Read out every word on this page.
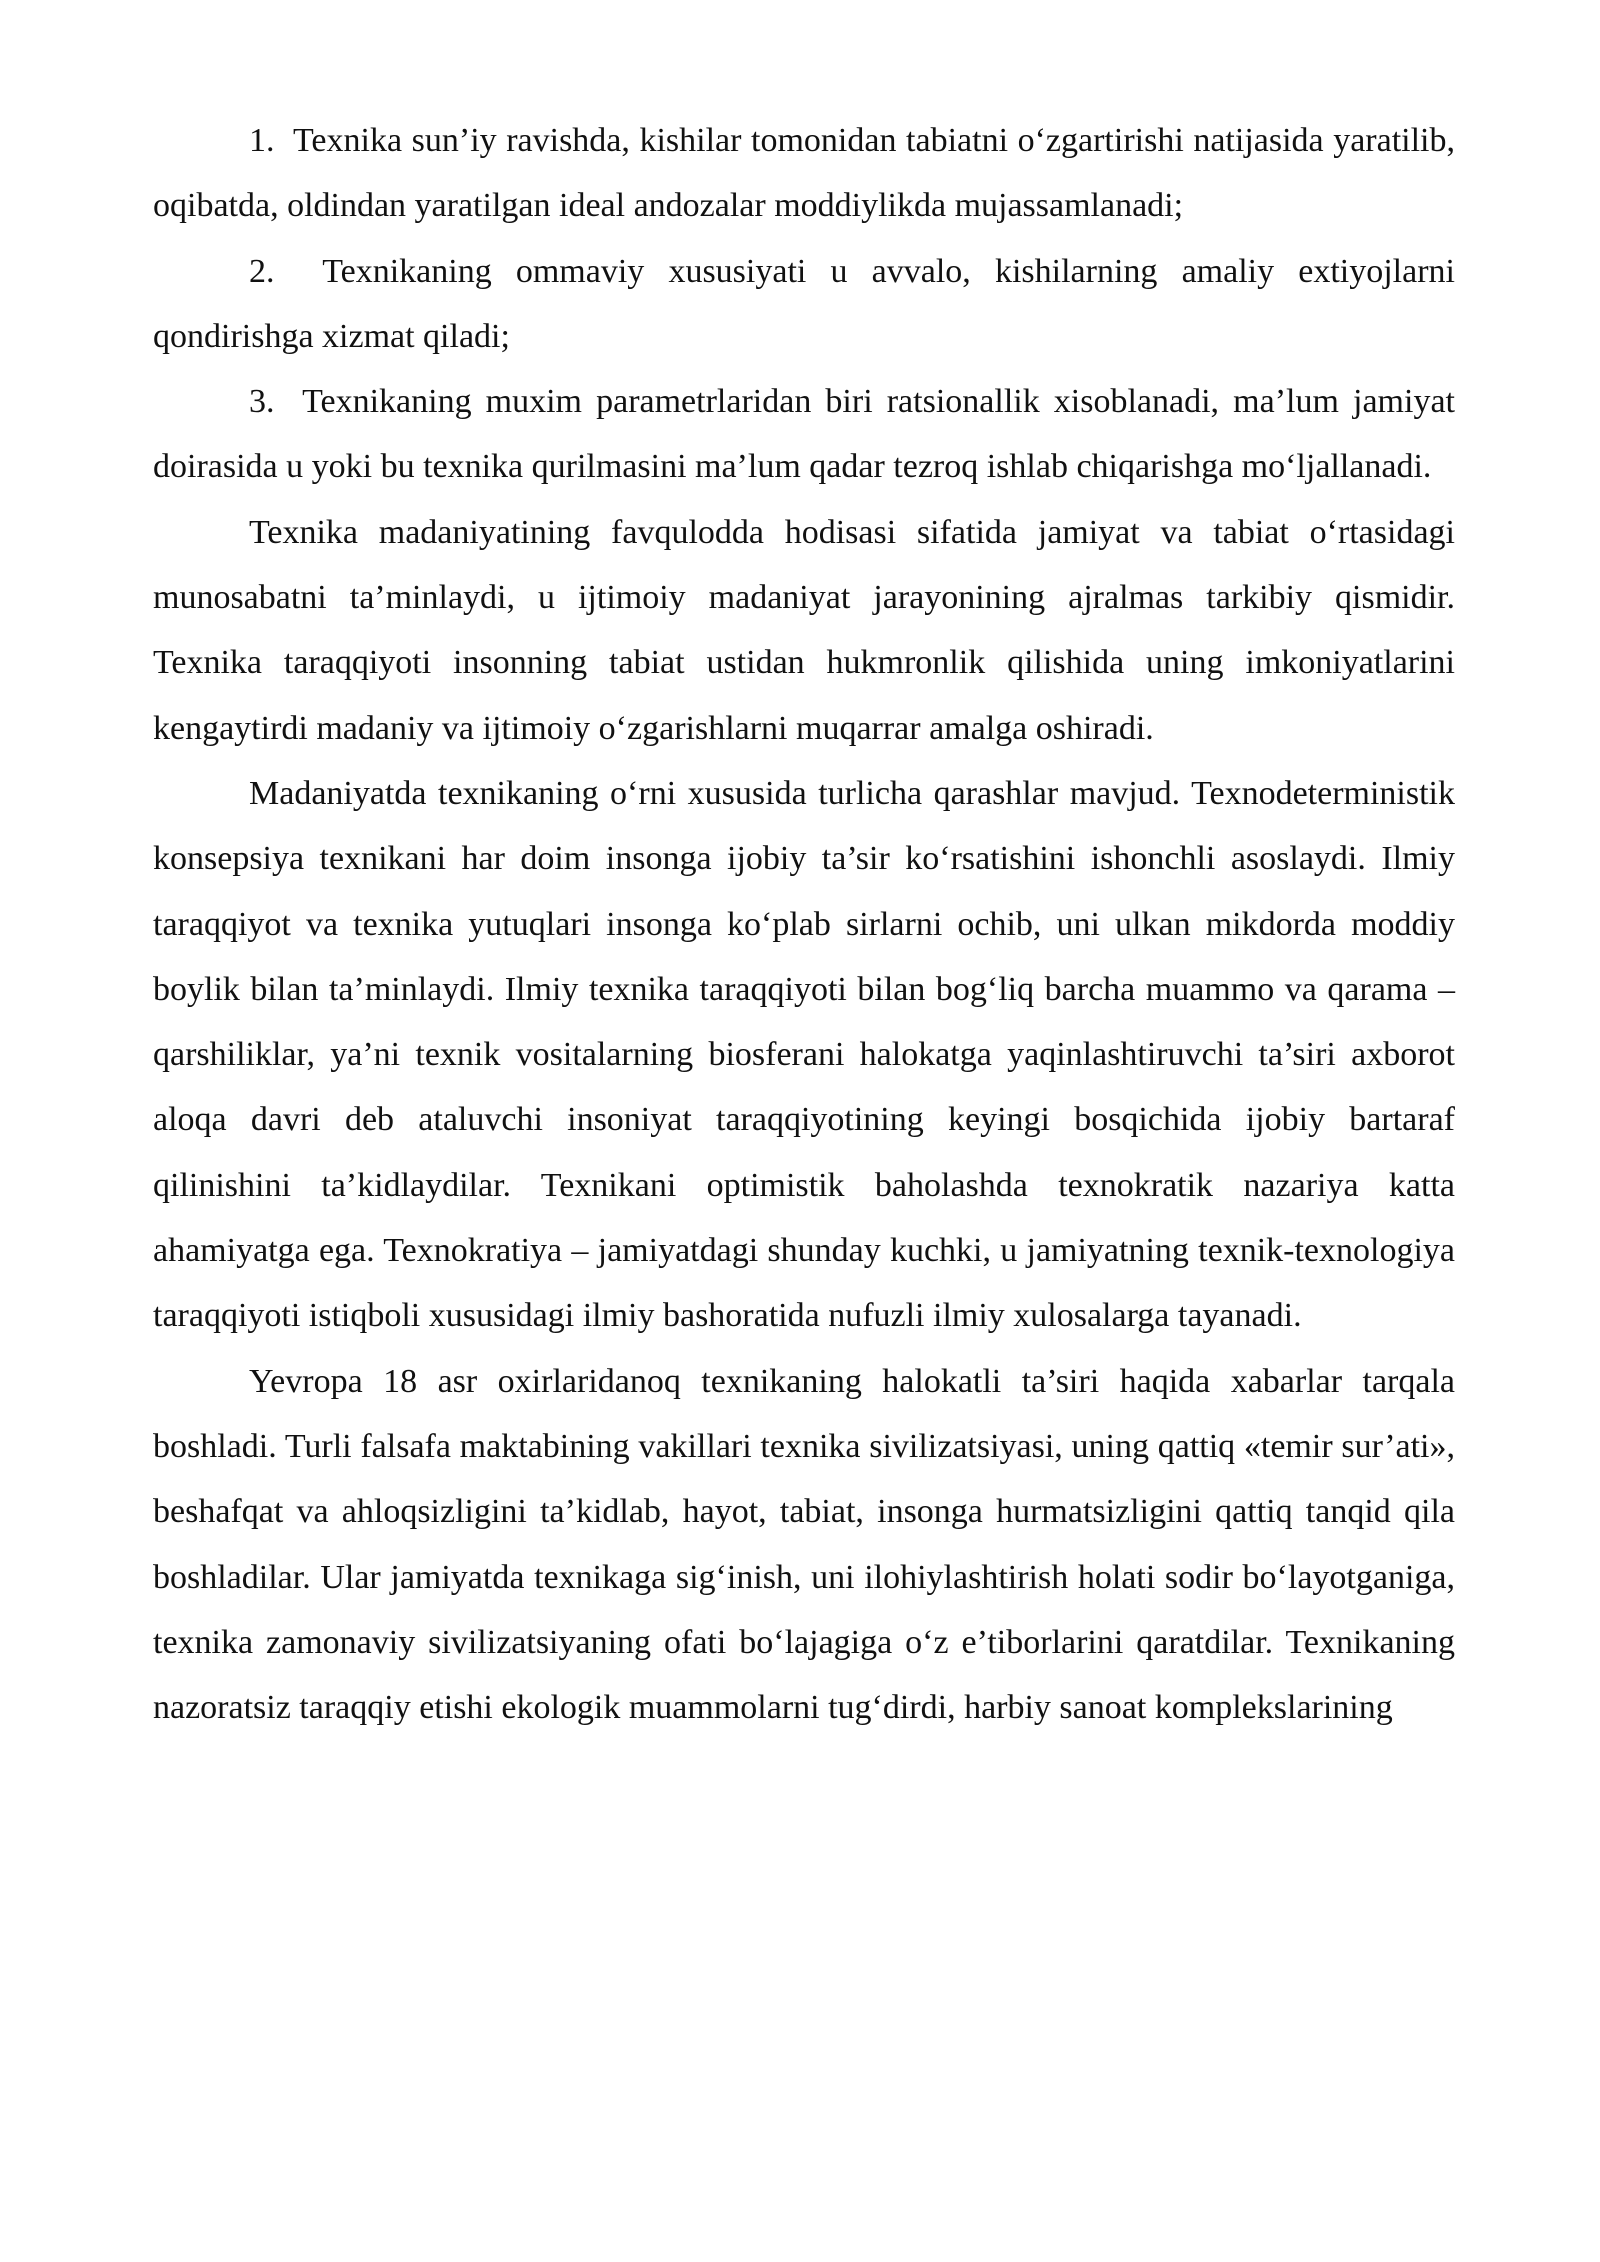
1.  Texnika sun’iy ravishda, kishilar tomonidan tabiatni o‘zgartirishi natijasida yaratilib, oqibatda, oldindan yaratilgan ideal andozalar moddiylikda mujassamlanadi;

2.  Texnikaning ommaviy xususiyati u avvalo, kishilarning amaliy extiyojlarni qondirishga xizmat qiladi;

3.  Texnikaning muxim parametrlaridan biri ratsionallik xisoblanadi, ma’lum jamiyat doirasida u yoki bu texnika qurilmasini ma’lum qadar tezroq ishlab chiqarishga mo‘ljallanadi.

Texnika madaniyatining favqulodda hodisasi sifatida jamiyat va tabiat o‘rtasidagi munosabatni ta’minlaydi, u ijtimoiy madaniyat jarayonining ajralmas tarkibiy qismidir. Texnika taraqqiyoti insonning tabiat ustidan hukmronlik qilishida uning imkoniyatlarini kengaytirdi madaniy va ijtimoiy o‘zgarishlarni muqarrar amalga oshiradi.

Madaniyatda texnikaning o‘rni xususida turlicha qarashlar mavjud. Texnodeterministik konsepsiya texnikani har doim insonga ijobiy ta’sir ko‘rsatishini ishonchli asoslaydi. Ilmiy taraqqiyot va texnika yutuqlari insonga ko‘plab sirlarni ochib, uni ulkan mikdorda moddiy boylik bilan ta’minlaydi. Ilmiy texnika taraqqiyoti bilan bog‘liq barcha muammo va qarama – qarshiliklar, ya’ni texnik vositalarning biosferani halokatga yaqinlashtiruvchi ta’siri axborot aloqa davri deb ataluvchi insoniyat taraqqiyotining keyingi bosqichida ijobiy bartaraf qilinishini ta’kidlaydilar. Texnikani optimistik baholashda texnokratik nazariya katta ahamiyatga ega. Texnokratiya – jamiyatdagi shunday kuchki, u jamiyatning texnik-texnologiya taraqqiyoti istiqboli xususidagi ilmiy bashoratida nufuzli ilmiy xulosalarga tayanadi.

Yevropa 18 asr oxirlaridanoq texnikaning halokatli ta’siri haqida xabarlar tarqala boshladi. Turli falsafa maktabining vakillari texnika sivilizatsiyasi, uning qattiq «temir sur’ati», beshafqat va ahloqsizligini ta’kidlab, hayot, tabiat, insonga hurmatsizligini qattiq tanqid qila boshladilar. Ular jamiyatda texnikaga sig‘inish, uni ilohiylashtirish holati sodir bo‘layotganiga, texnika zamonaviy sivilizatsiyaning ofati bo‘lajagiga o‘z e’tiborlarini qaratdilar. Texnikaning nazoratsiz taraqqiy etishi ekologik muammolarni tug‘dirdi, harbiy sanoat komplekslarining
